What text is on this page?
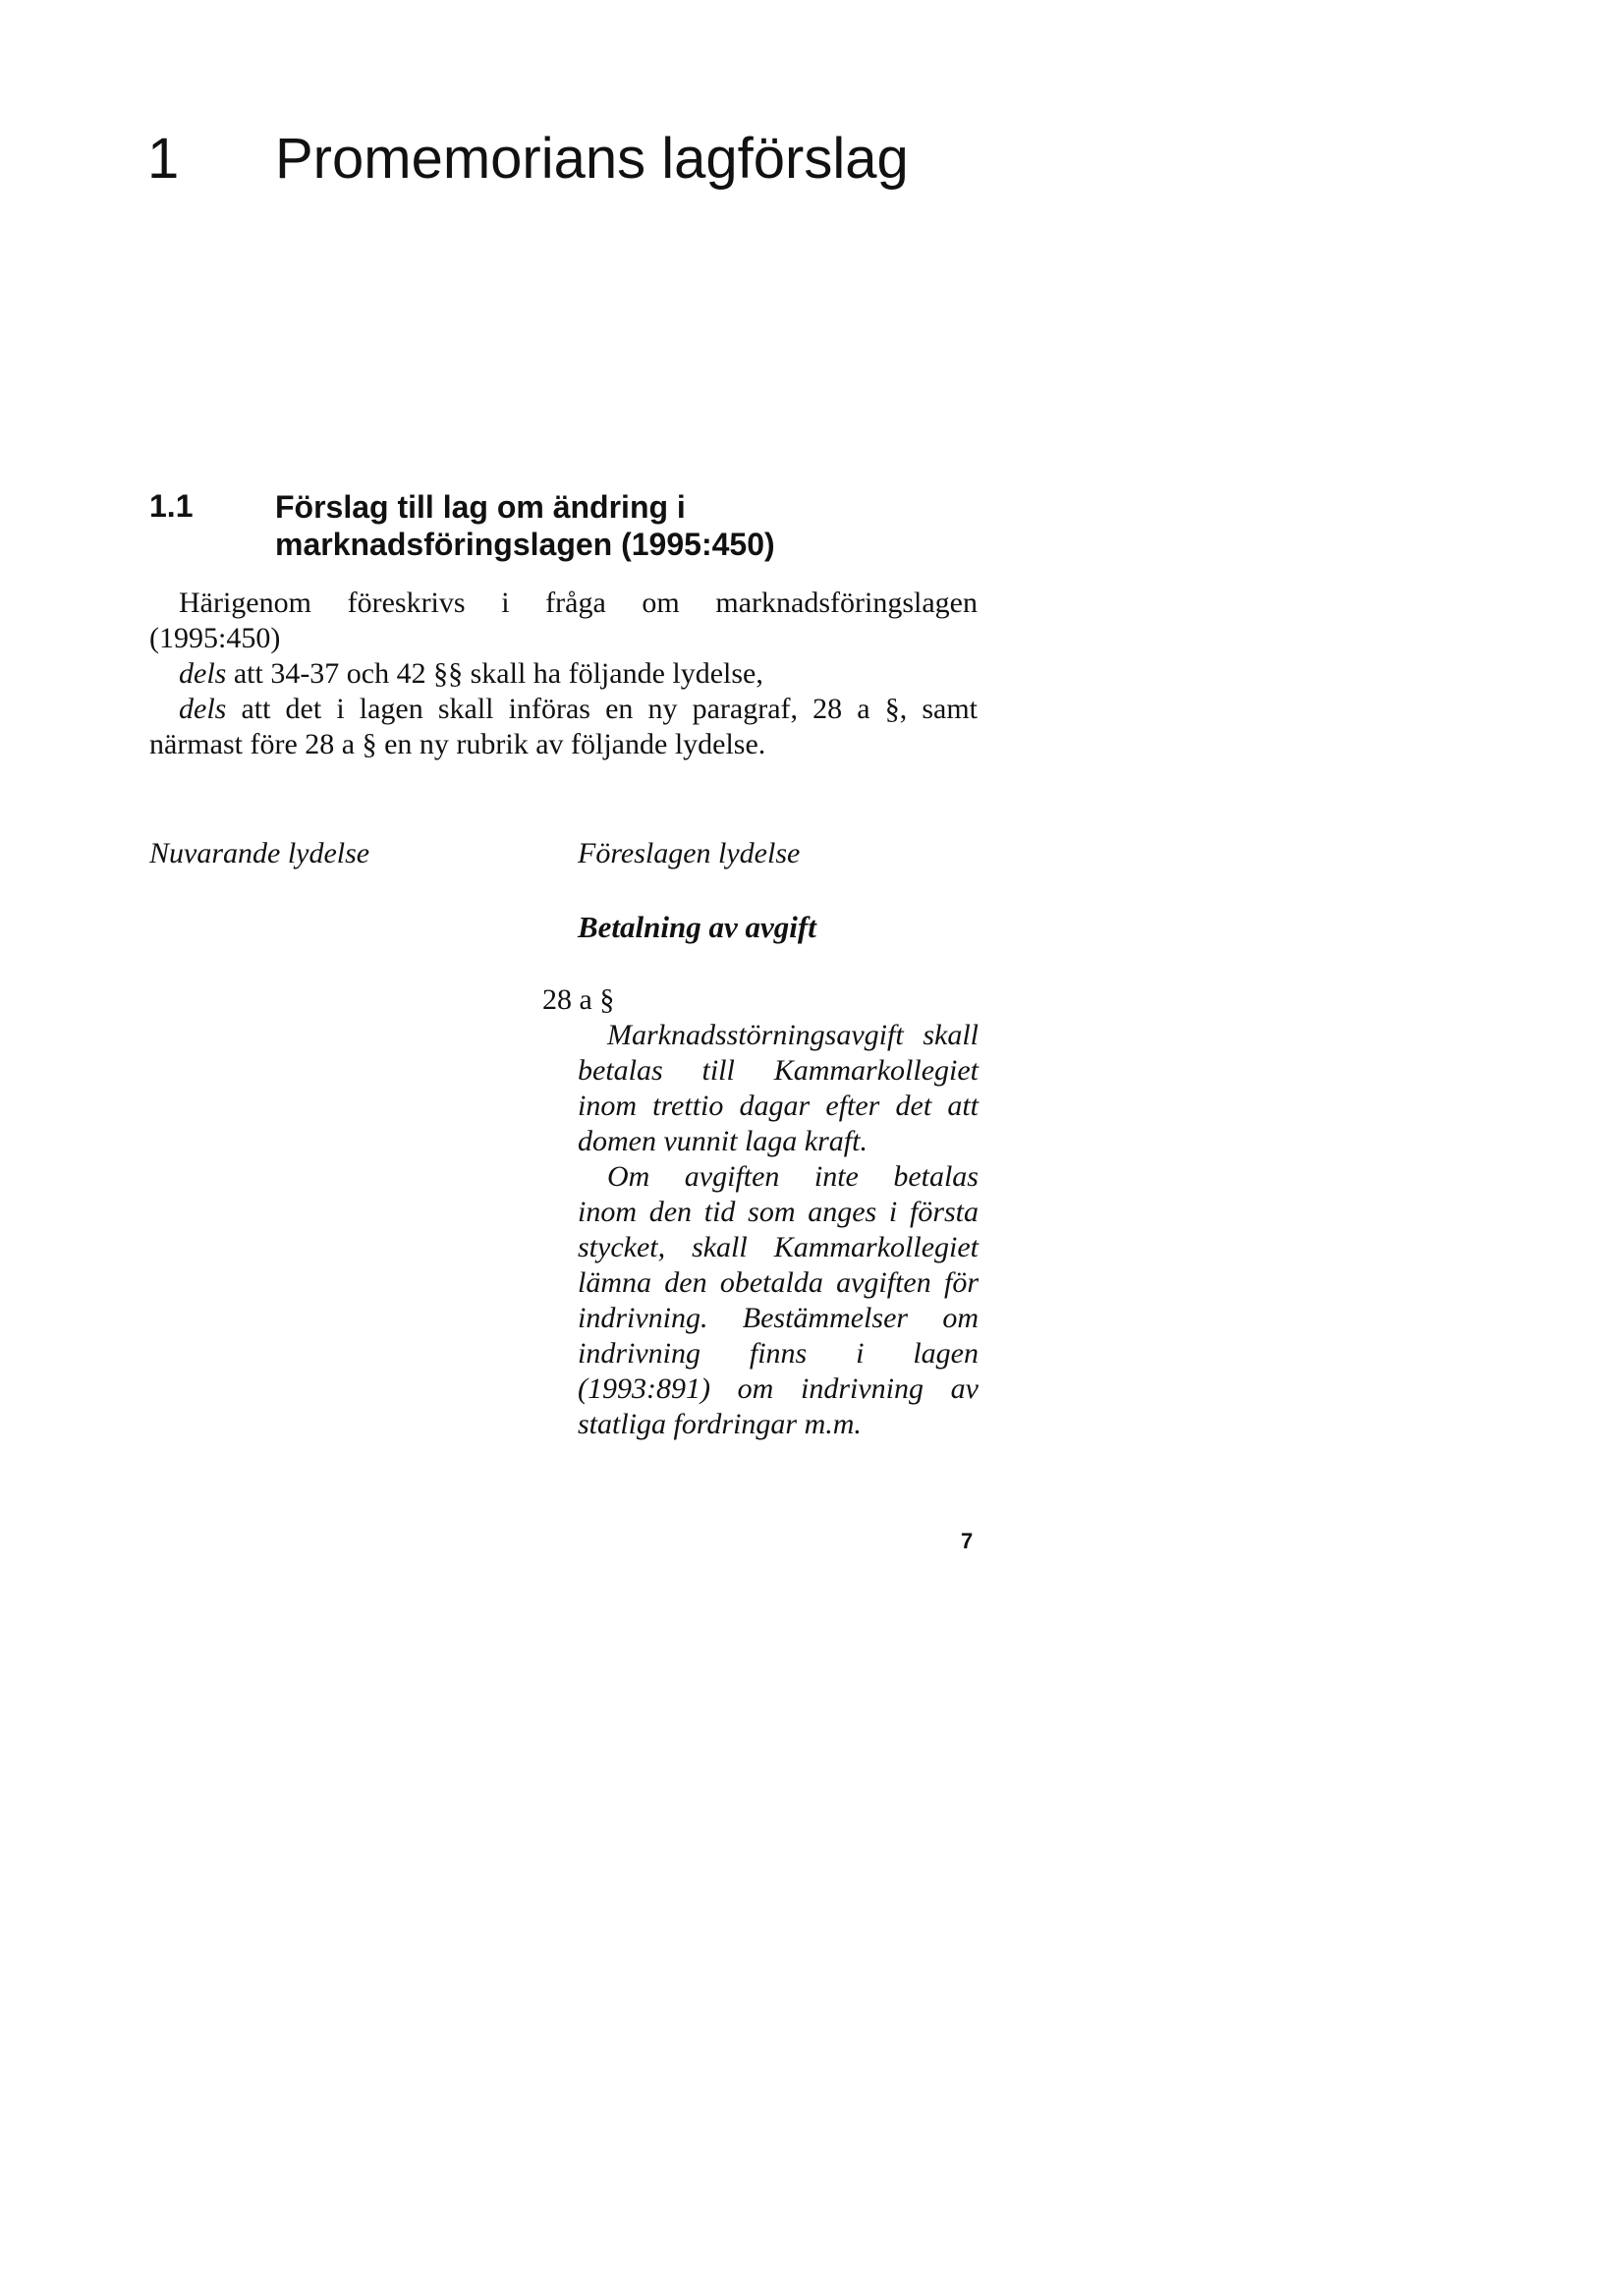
1 Promemorians lagförslag
1.1	Förslag till lag om ändring i
marknadsföringslagen (1995:450)

Härigenom föreskrivs i fråga om marknadsföringslagen

(1995:450)

dels att 34-37 och 42 §§ skall ha följande lydelse,

dels att det i lagen skall införas en ny paragraf, 28 a §, samt

närmast före 28 a § en ny rubrik av följande lydelse.

Nuvarande lydelse	Föreslagen lydelse
Betalning av avgift
28 a §
Marknadsstörningsavgift skall
betalas till Kammarkollegiet
inom trettio dagar efter det att
domen vunnit laga kraft.
Om avgiften inte betalas
inom den tid som anges i första
stycket, skall Kammarkollegiet
lämna den obetalda avgiften för
indrivning. Bestämmelser om
indrivning finns i lagen
(1993:891) om indrivning av
statliga fordringar m.m.
7
